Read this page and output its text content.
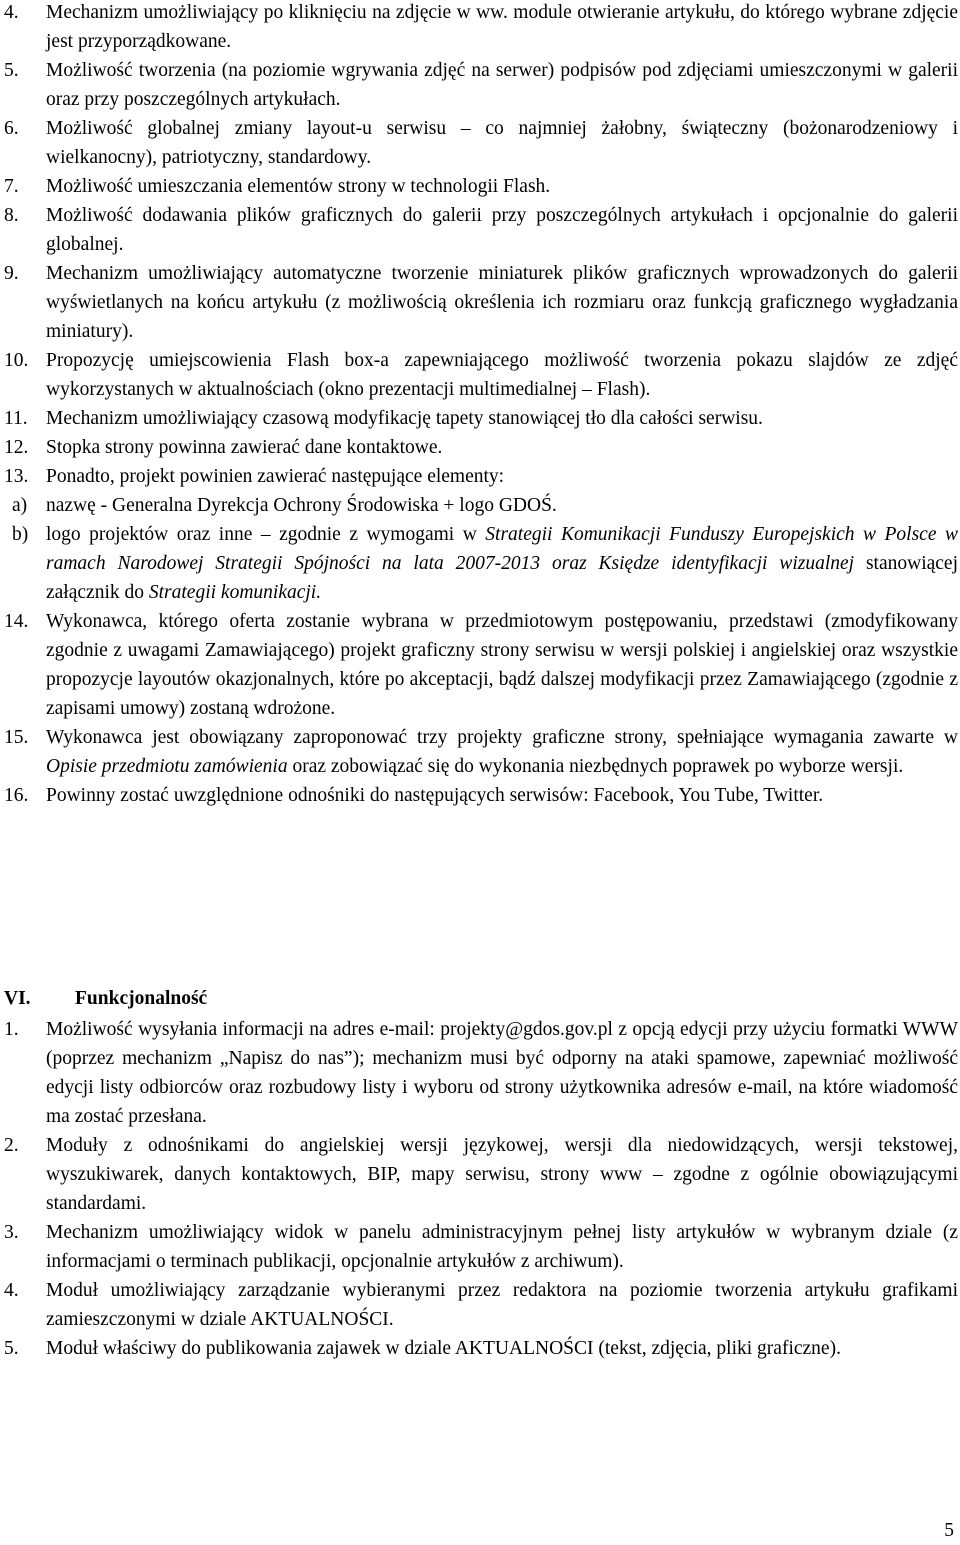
4.	Mechanizm umożliwiający po kliknięciu na zdjęcie w ww. module otwieranie artykułu, do którego wybrane zdjęcie jest przyporządkowane.
5.	Możliwość tworzenia (na poziomie wgrywania zdjęć na serwer) podpisów pod zdjęciami umieszczonymi w galerii oraz przy poszczególnych artykułach.
6.	Możliwość globalnej zmiany layout-u serwisu – co najmniej żałobny, świąteczny (bożonarodzeniowy i wielkanocny), patriotyczny, standardowy.
7.	Możliwość umieszczania elementów strony w technologii Flash.
8.	Możliwość dodawania plików graficznych do galerii przy poszczególnych artykułach i opcjonalnie do galerii globalnej.
9.	Mechanizm umożliwiający automatyczne tworzenie miniaturek plików graficznych wprowadzonych do galerii wyświetlanych na końcu artykułu (z możliwością określenia ich rozmiaru oraz funkcją graficznego wygładzania miniatury).
10. Propozycję umiejscowienia Flash box-a zapewniającego możliwość tworzenia pokazu slajdów ze zdjęć wykorzystanych w aktualnościach (okno prezentacji multimedialnej – Flash).
11. Mechanizm umożliwiający czasową modyfikację tapety stanowiącej tło dla całości serwisu.
12. Stopka strony powinna zawierać dane kontaktowe.
13. Ponadto, projekt powinien zawierać następujące elementy:
a) nazwę - Generalna Dyrekcja Ochrony Środowiska + logo GDOŚ.
b) logo projektów oraz inne – zgodnie z wymogami w Strategii Komunikacji Funduszy Europejskich w Polsce w ramach Narodowej Strategii Spójności na lata 2007-2013 oraz Księdze identyfikacji wizualnej stanowiącej załącznik do Strategii komunikacji.
14. Wykonawca, którego oferta zostanie wybrana w przedmiotowym postępowaniu, przedstawi (zmodyfikowany zgodnie z uwagami Zamawiającego) projekt graficzny strony serwisu w wersji polskiej i angielskiej oraz wszystkie propozycje layoutów okazjonalnych, które po akceptacji, bądź dalszej modyfikacji przez Zamawiającego (zgodnie z zapisami umowy) zostaną wdrożone.
15. Wykonawca jest obowiązany zaproponować trzy projekty graficzne strony, spełniające wymagania zawarte w Opisie przedmiotu zamówienia oraz zobowiązać się do wykonania niezbędnych poprawek po wyborze wersji.
16. Powinny zostać uwzględnione odnośniki do następujących serwisów: Facebook, You Tube, Twitter.
VI.	Funkcjonalność
1.	Możliwość wysyłania informacji na adres e-mail: projekty@gdos.gov.pl z opcją edycji przy użyciu formatki WWW (poprzez mechanizm „Napisz do nas”); mechanizm musi być odporny na ataki spamowe, zapewniać możliwość edycji listy odbiorców oraz rozbudowy listy i wyboru od strony użytkownika adresów e-mail, na które wiadomość ma zostać przesłana.
2.	Moduły z odnośnikami do angielskiej wersji językowej, wersji dla niedowidzących, wersji tekstowej, wyszukiwarek, danych kontaktowych, BIP, mapy serwisu, strony www – zgodne z ogólnie obowiązującymi standardami.
3.	Mechanizm umożliwiający widok w panelu administracyjnym pełnej listy artykułów w wybranym dziale (z informacjami o terminach publikacji, opcjonalnie artykułów z archiwum).
4.	Moduł umożliwiający zarządzanie wybieranymi przez redaktora na poziomie tworzenia artykułu grafikami zamieszczonymi w dziale AKTUALNOŚCI.
5.	Moduł właściwy do publikowania zajawek w dziale AKTUALNOŚCI (tekst, zdjęcia, pliki graficzne).
5
